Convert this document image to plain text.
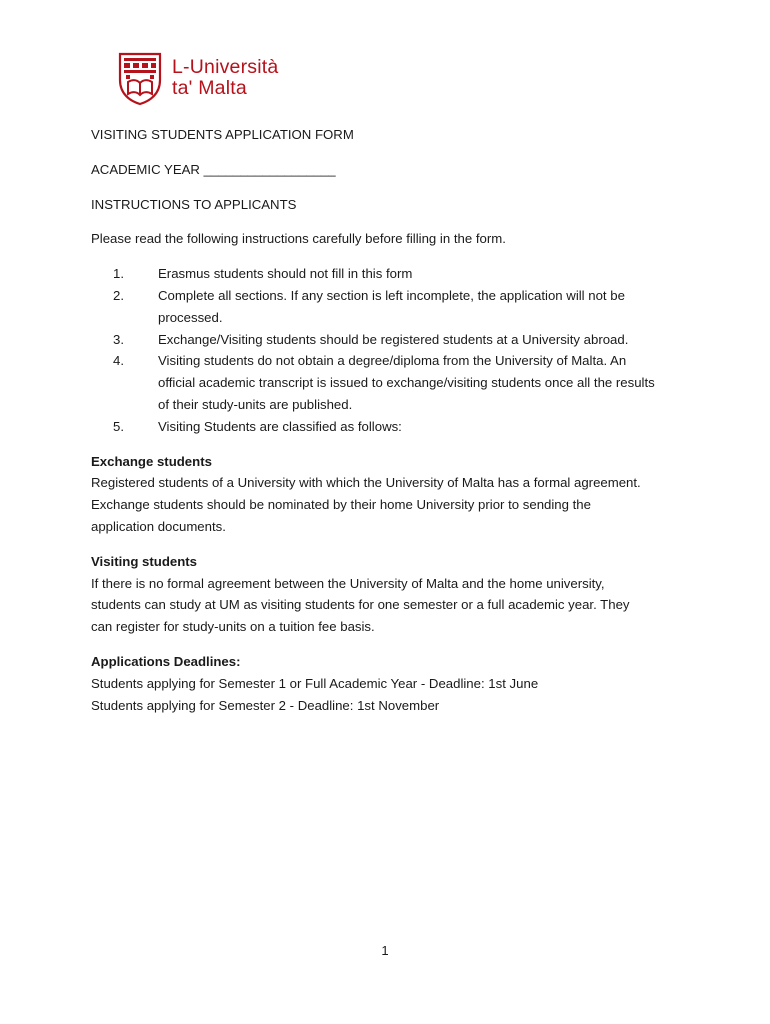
L-Università
ta' Malta
VISITING STUDENTS APPLICATION FORM
ACADEMIC YEAR __________________
INSTRUCTIONS TO APPLICANTS
Please read the following instructions carefully before filling in the form.
1.	Erasmus students should not fill in this form
2.	Complete all sections. If any section is left incomplete, the application will not be processed.
3.	Exchange/Visiting students should be registered students at a University abroad.
4.	Visiting students do not obtain a degree/diploma from the University of Malta. An official academic transcript is issued to exchange/visiting students once all the results of their study-units are published.
5.	Visiting Students are classified as follows:
Exchange students
Registered students of a University with which the University of Malta has a formal agreement.
Exchange students should be nominated by their home University prior to sending the
application documents.
Visiting students
If there is no formal agreement between the University of Malta and the home university,
students can study at UM as visiting students for one semester or a full academic year. They
can register for study-units on a tuition fee basis.
Applications Deadlines:
Students applying for Semester 1 or Full Academic Year - Deadline: 1st June
Students applying for Semester 2 - Deadline: 1st November
1
